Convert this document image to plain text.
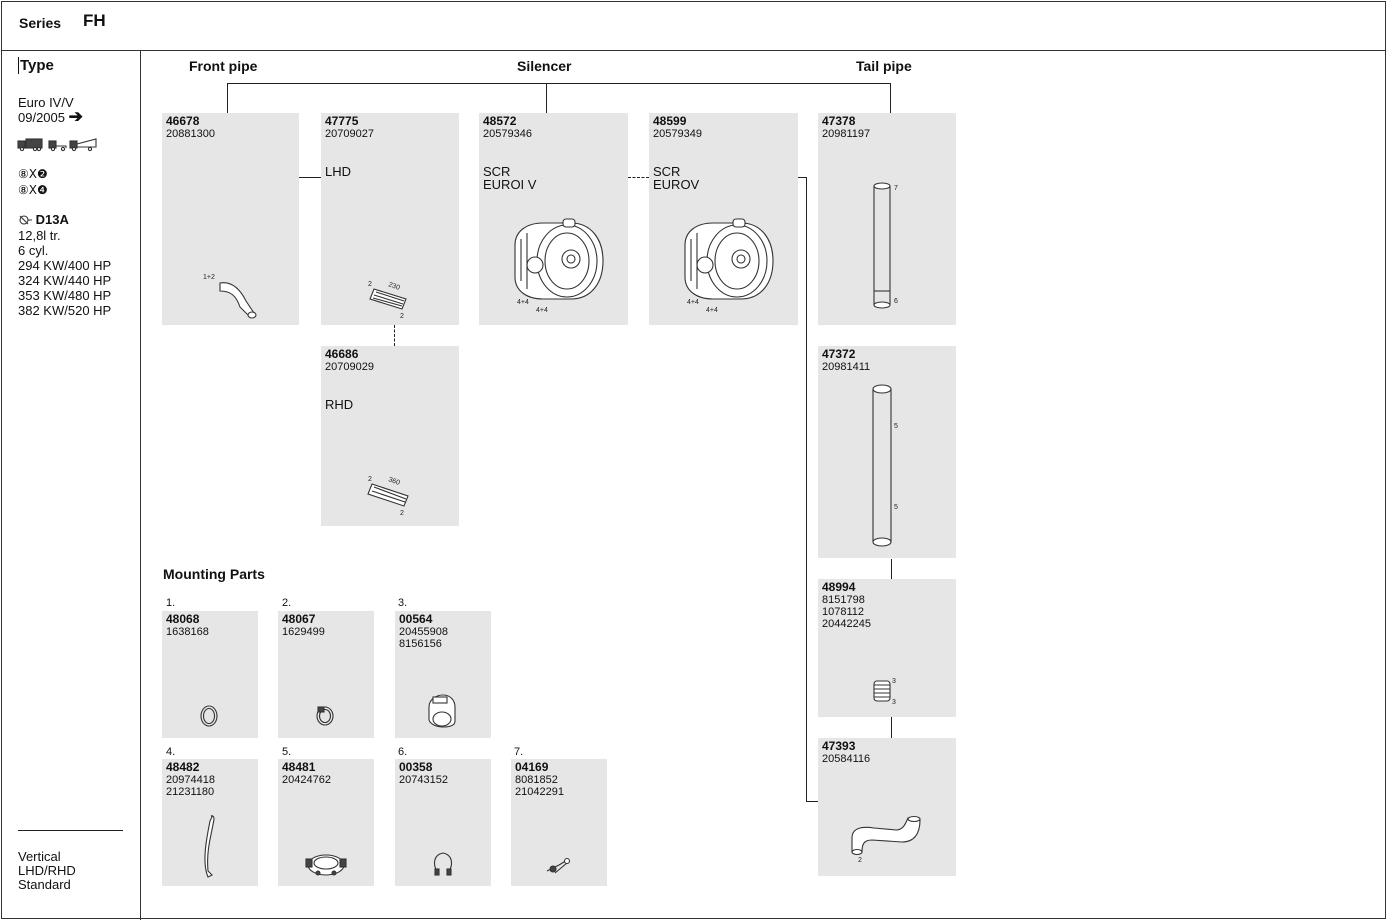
Series FH
Type
Euro IV/V
09/2005 ➔
⑧Ⅹ❷
⑧Ⅹ❹
D13A
12,8l tr.
6 cyl.
294 KW/400 HP
324 KW/440 HP
353 KW/480 HP
382 KW/520 HP
Vertical
LHD/RHD
Standard
Front pipe	Silencer	Tail pipe
Mounting Parts
46678
20881300
1+2
47775
20709027
LHD
2 230
2
46686
20709029
RHD
2 360
2
48572
20579346
SCR
EUROI V
4+4
4+4
48599
20579349
SCR
EUROV
4+4
4+4
47378
20981197
7
6
47372
20981411
5
5
48994
8151798
1078112
20442245
3
3
47393
20584116
2
1.
48068
1638168
2.
48067
1629499
3.
00564
20455908
8156156
4.
48482
20974418
21231180
5.
48481
20424762
6.
00358
20743152
7.
04169
8081852
21042291
